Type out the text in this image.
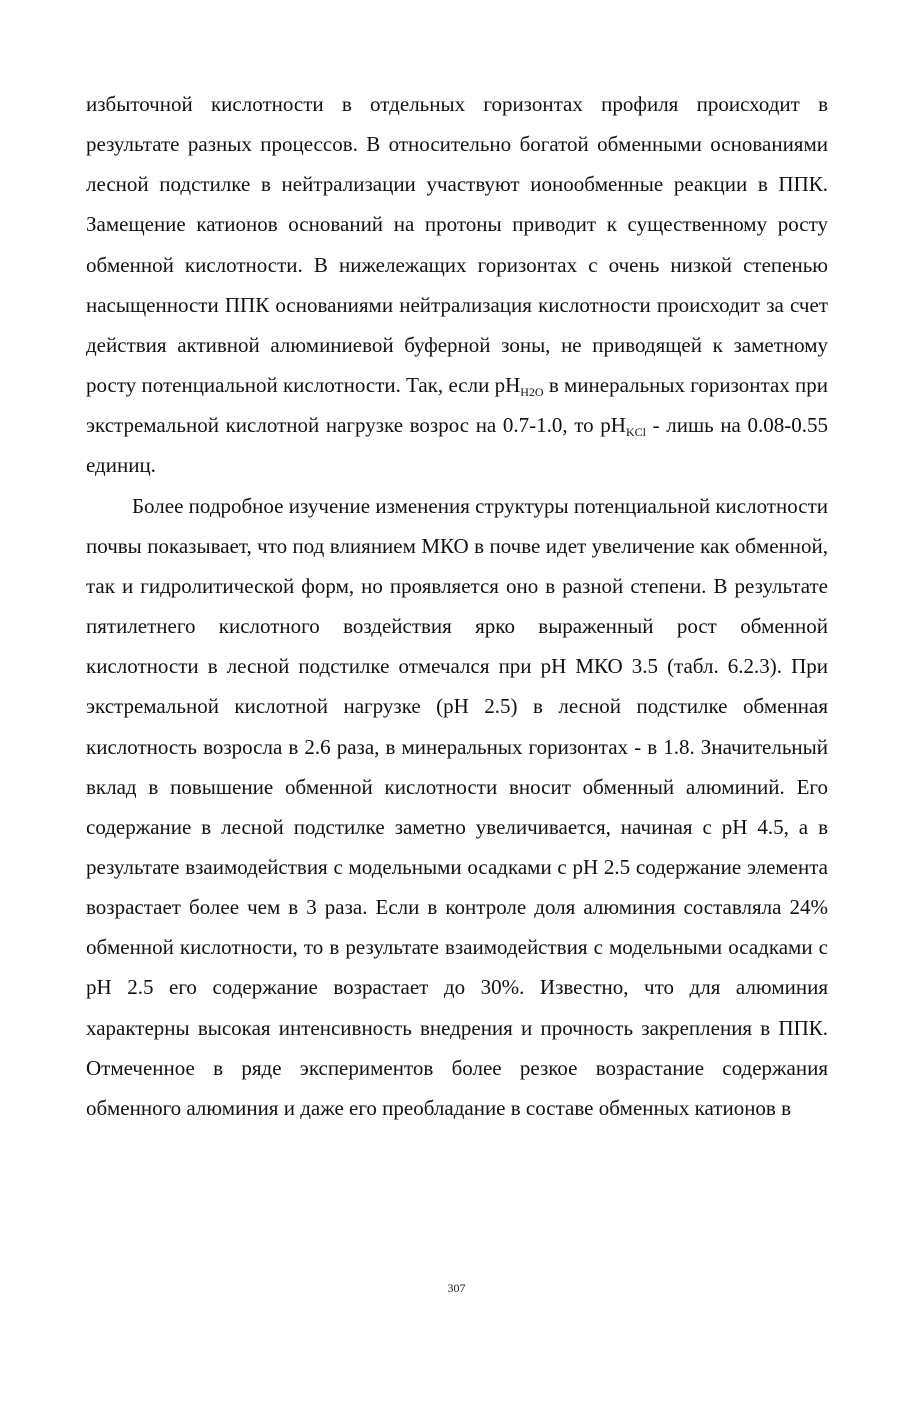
избыточной кислотности в отдельных горизонтах профиля происходит в результате разных процессов. В относительно богатой обменными основаниями лесной подстилке в нейтрализации участвуют ионообменные реакции в ППК. Замещение катионов оснований на протоны приводит к существенному росту обменной кислотности. В нижележащих горизонтах с очень низкой степенью насыщенности ППК основаниями нейтрализация кислотности происходит за счет действия активной алюминиевой буферной зоны, не приводящей к заметному росту потенциальной кислотности. Так, если $pH_{H2O}$ в минеральных горизонтах при экстремальной кислотной нагрузке возрос на 0.7-1.0, то $pH_{KCl}$ - лишь на 0.08-0.55 единиц.

Более подробное изучение изменения структуры потенциальной кислотности почвы показывает, что под влиянием МКО в почве идет увеличение как обменной, так и гидролитической форм, но проявляется оно в разной степени. В результате пятилетнего кислотного воздействия ярко выраженный рост обменной кислотности в лесной подстилке отмечался при pH МКО 3.5 (табл. 6.2.3). При экстремальной кислотной нагрузке (pH 2.5) в лесной подстилке обменная кислотность возросла в 2.6 раза, в минеральных горизонтах - в 1.8. Значительный вклад в повышение обменной кислотности вносит обменный алюминий. Его содержание в лесной подстилке заметно увеличивается, начиная с pH 4.5, а в результате взаимодействия с модельными осадками с pH 2.5 содержание элемента возрастает более чем в 3 раза. Если в контроле доля алюминия составляла 24% обменной кислотности, то в результате взаимодействия с модельными осадками с pH 2.5 его содержание возрастает до 30%. Известно, что для алюминия характерны высокая интенсивность внедрения и прочность закрепления в ППК. Отмеченное в ряде экспериментов более резкое возрастание содержания обменного алюминия и даже его преобладание в составе обменных катионов в

307
